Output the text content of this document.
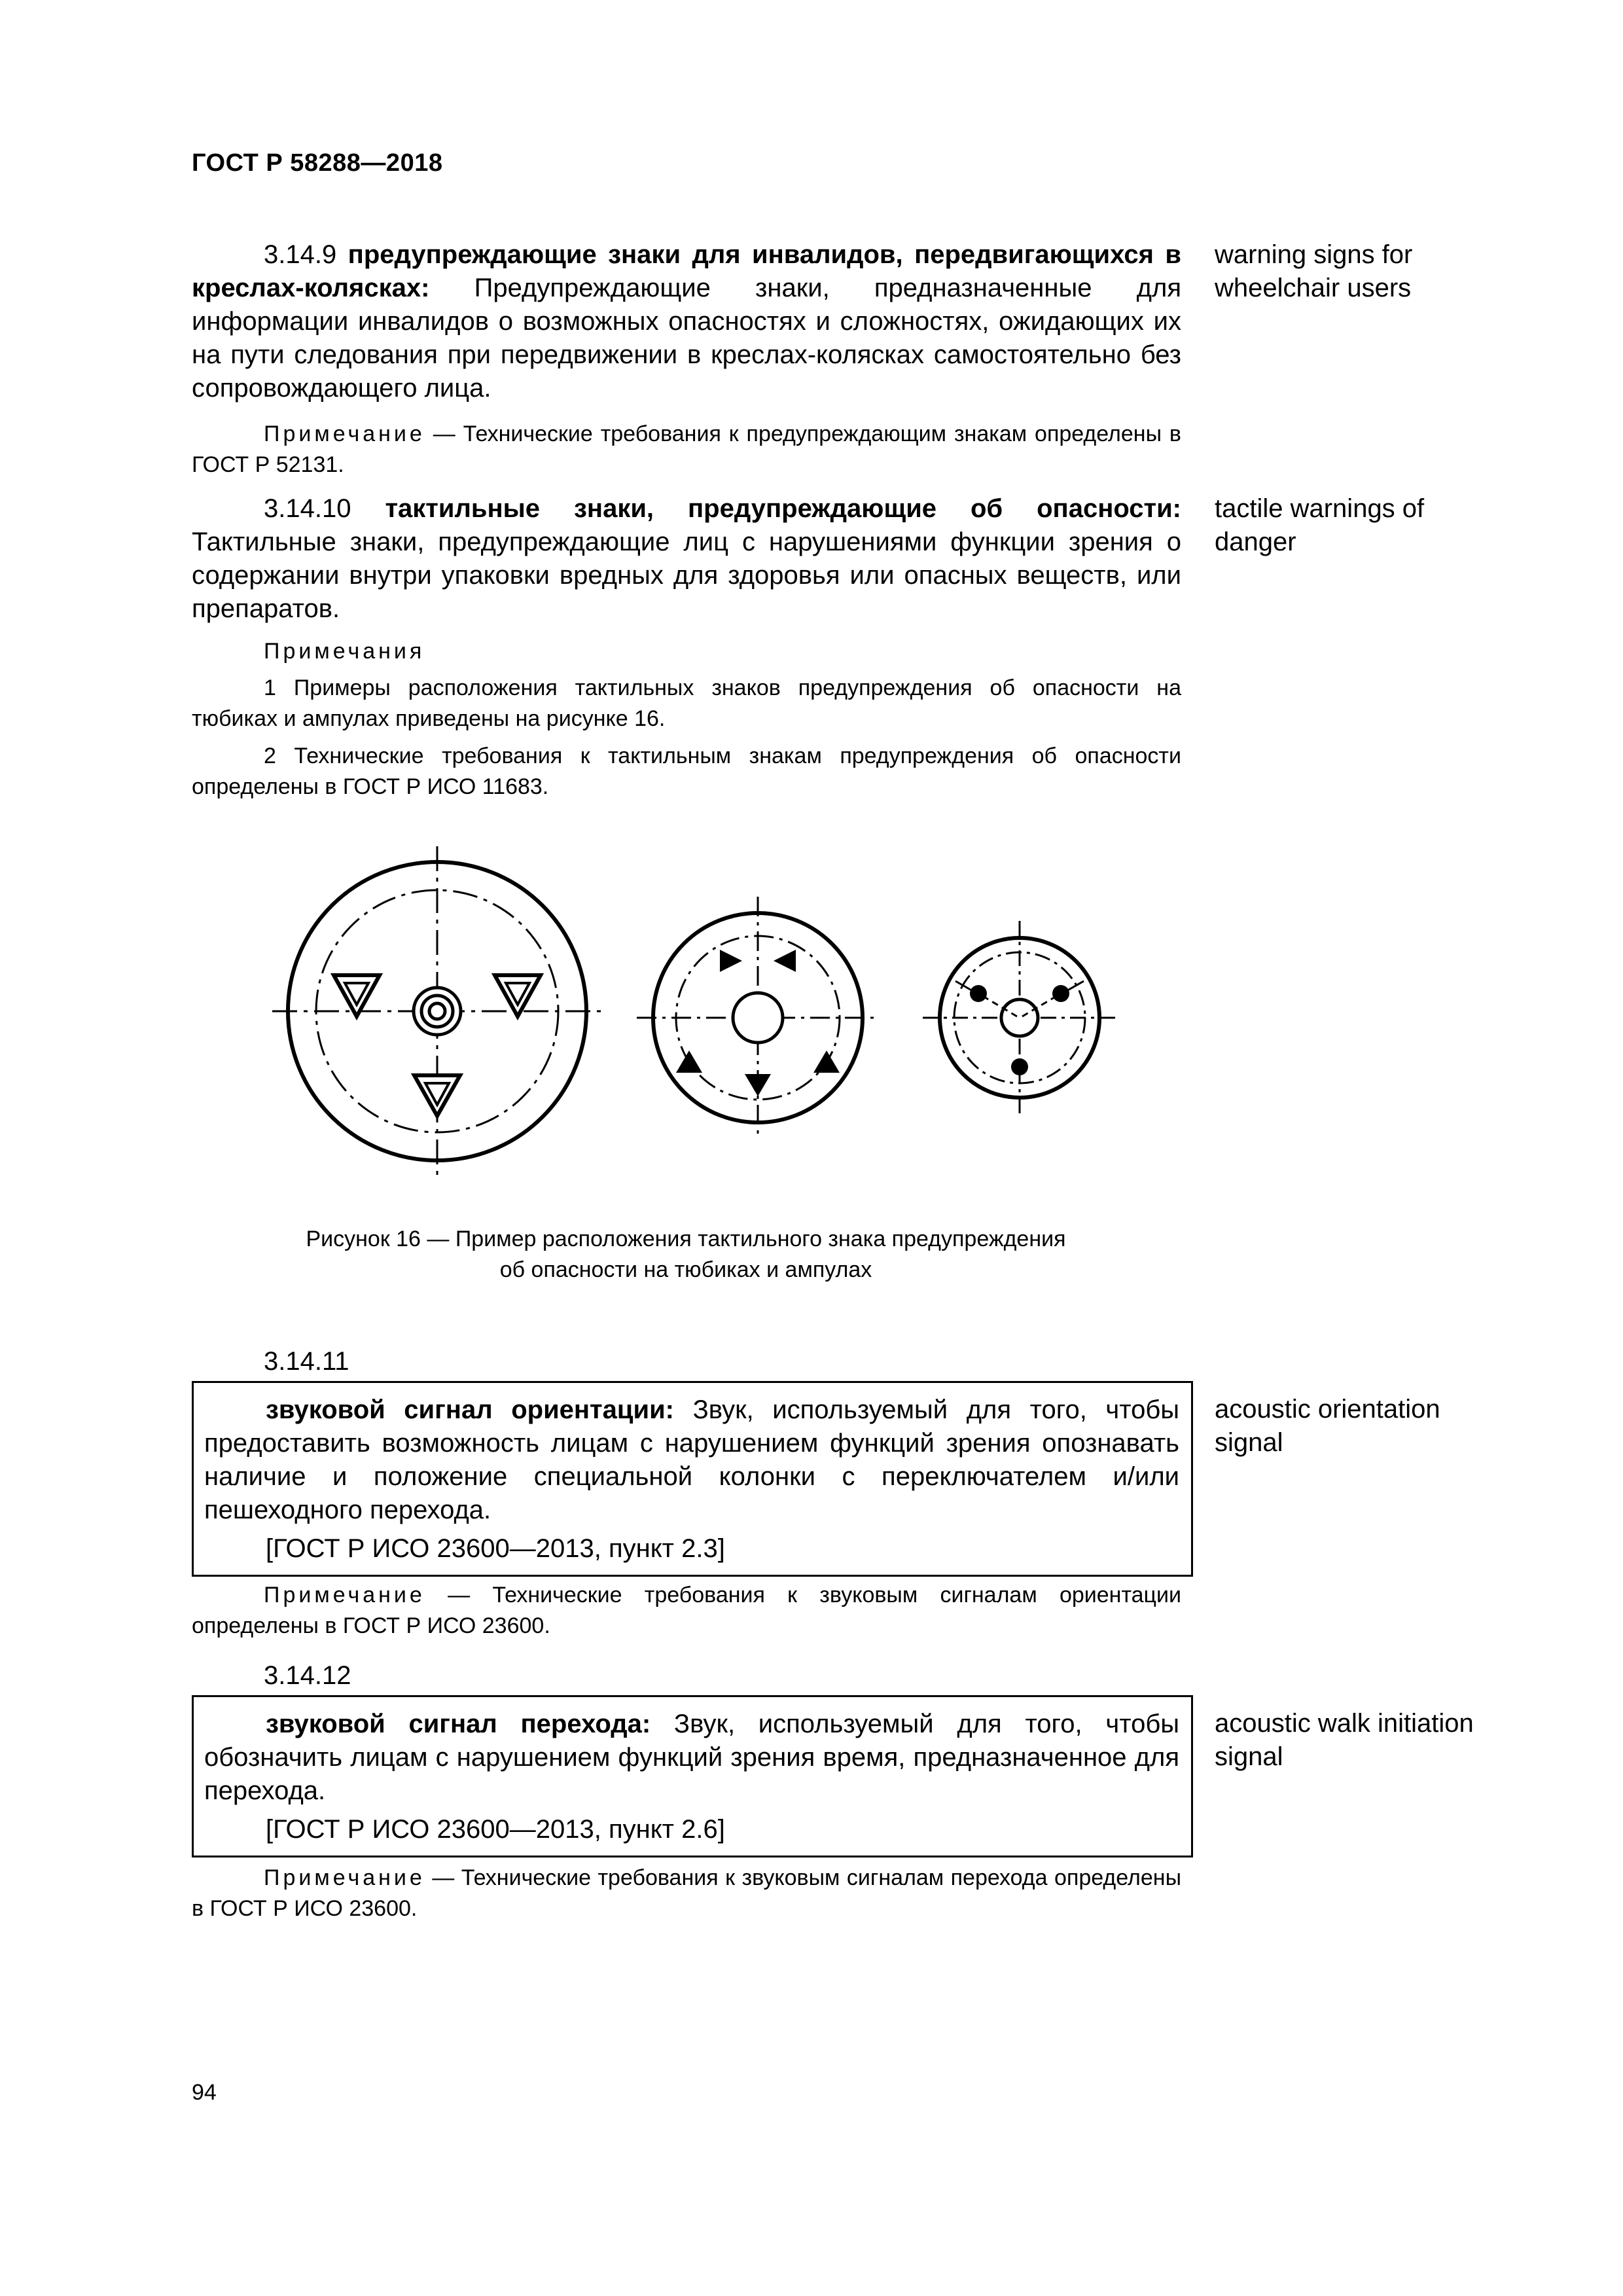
ГОСТ Р 58288—2018
3.14.9 предупреждающие знаки для инвалидов, передвигающихся в креслах-колясках: Предупреждающие знаки, предназначенные для информации инвалидов о возможных опасностях и сложностях, ожидающих их на пути следования при передвижении в креслах-колясках самостоятельно без сопровождающего лица.
warning signs for wheelchair users
Примечание — Технические требования к предупреждающим знакам определены в ГОСТ Р 52131.
3.14.10 тактильные знаки, предупреждающие об опасности: Тактильные знаки, предупреждающие лиц с нарушениями функции зрения о содержании внутри упаковки вредных для здоровья или опасных веществ, или препаратов.
tactile warnings of danger
Примечания
1 Примеры расположения тактильных знаков предупреждения об опасности на тюбиках и ампулах приведены на рисунке 16.
2 Технические требования к тактильным знакам предупреждения об опасности определены в ГОСТ Р ИСО 11683.
Рисунок 16 — Пример расположения тактильного знака предупреждения
об опасности на тюбиках и ампулах
3.14.11
звуковой сигнал ориентации: Звук, используемый для того, чтобы предоставить возможность лицам с нарушением функций зрения опознавать наличие и положение специальной колонки с переключателем и/или пешеходного перехода.
[ГОСТ Р ИСО 23600—2013, пункт 2.3]
acoustic orientation signal
Примечание — Технические требования к звуковым сигналам ориентации определены в ГОСТ Р ИСО 23600.
3.14.12
звуковой сигнал перехода: Звук, используемый для того, чтобы обозначить лицам с нарушением функций зрения время, предназначенное для перехода.
[ГОСТ Р ИСО 23600—2013, пункт 2.6]
acoustic walk initiation signal
Примечание — Технические требования к звуковым сигналам перехода определены в ГОСТ Р ИСО 23600.
94
